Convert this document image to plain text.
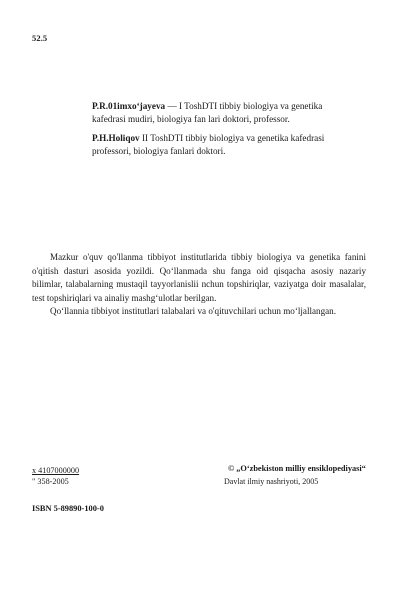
52.5

P.R.01imxo‘jayeva — I ToshDTI tibbiy biologiya va genetika kafedrasi mudiri, biologiya fan lari doktori, professor.

P.H.Holiqov II ToshDTI tibbiy biologiya va genetika kafedrasi professori, biologiya fanlari doktori.

Mazkur o'quv qo'llanma tibbiyot institutlarida tibbiy biologiya va genetika fanini o'qitish dasturi asosida yozildi. Qo‘llanmada shu fanga oid qisqacha asosiy nazariy bilimlar, talabalarning mustaqil tayyorlanislii nchun topshiriqlar, vaziyatga doir masalalar, test topshiriqlari va ainaliy mashg‘ulotlar berilgan.

Qo‘llannia tibbiyot institutlari talabalari va o'qituvchilari uchun mo‘ljallangan.

x 4107000000
" 358-2005
ISBN 5-89890-100-0
© „O‘zbekiston milliy ensiklopediyasi“
Davlat ilmiy nashriyoti, 2005
